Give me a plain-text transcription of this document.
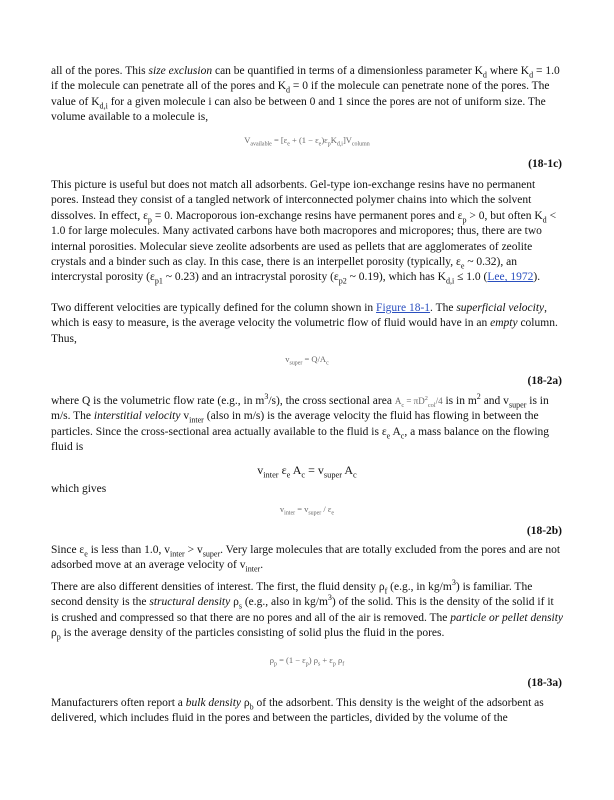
all of the pores. This size exclusion can be quantified in terms of a dimensionless parameter $K_d$ where $K_d = 1.0$ if the molecule can penetrate all of the pores and $K_d = 0$ if the molecule can penetrate none of the pores. The value of $K_{d,i}$ for a given molecule i can also be between 0 and 1 since the pores are not of uniform size. The volume available to a molecule is,

$V_{available} = [\varepsilon_e + (1 - \varepsilon_e)\varepsilon_pK_{d,i}]V_{column}$
(18-1c)

This picture is useful but does not match all adsorbents. Gel-type ion-exchange resins have no permanent pores. Instead they consist of a tangled network of interconnected polymer chains into which the solvent dissolves. In effect, $\varepsilon_p = 0$. Macroporous ion-exchange resins have permanent pores and $\varepsilon_p > 0$, but often $K_d < 1.0$ for large molecules. Many activated carbons have both macropores and micropores; thus, there are two internal porosities. Molecular sieve zeolite adsorbents are used as pellets that are agglomerates of zeolite crystals and a binder such as clay. In this case, there is an interpellet porosity (typically, $\varepsilon_e$ ~ 0.32), an intercrystal porosity ($\varepsilon_{p1}$ ~ 0.23) and an intracrystal porosity ($\varepsilon_{p2}$ ~ 0.19), which has $K_{d,i} \le 1.0$ (Lee, 1972).

Two different velocities are typically defined for the column shown in Figure 18-1. The superficial velocity, which is easy to measure, is the average velocity the volumetric flow of fluid would have in an empty column. Thus,

$v_{super} = Q/A_c$
(18-2a)

where Q is the volumetric flow rate (e.g., in $m^3/s$), the cross sectional area $A_c = \pi D^2_{col}/4$ is in $m^2$ and $v_{super}$ is in m/s. The interstitial velocity $v_{inter}$ (also in m/s) is the average velocity the fluid has flowing in between the particles. Since the cross-sectional area actually available to the fluid is $\varepsilon_e$ $A_c$, a mass balance on the flowing fluid is

$v_{inter}$ $\varepsilon_e$ $A_c = v_{super}$ $A_c$

which gives

$v_{inter} = v_{super} / \varepsilon_e$
(18-2b)

Since $\varepsilon_e$ is less than 1.0, $v_{inter} > v_{super}$. Very large molecules that are totally excluded from the pores and are not adsorbed move at an average velocity of $v_{inter}$.

There are also different densities of interest. The first, the fluid density $\rho_f$ (e.g., in $kg/m^3$) is familiar. The second density is the structural density $\rho_s$ (e.g., also in $kg/m^3$) of the solid. This is the density of the solid if it is crushed and compressed so that there are no pores and all of the air is removed. The particle or pellet density $\rho_p$ is the average density of the particles consisting of solid plus the fluid in the pores.

$\rho_p = (1 - \varepsilon_p) \rho_s + \varepsilon_p$ $\rho_f$
(18-3a)

Manufacturers often report a bulk density $\rho_b$ of the adsorbent. This density is the weight of the adsorbent as delivered, which includes fluid in the pores and between the particles, divided by the volume of the
